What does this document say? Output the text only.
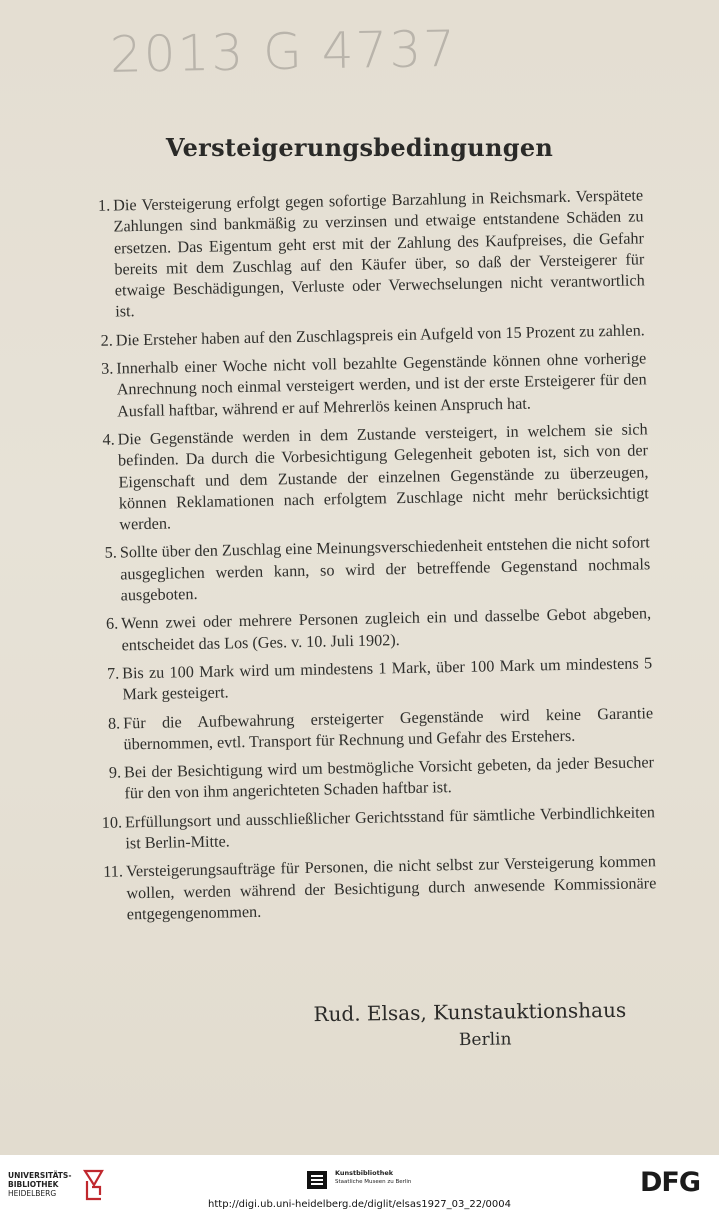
2013 G 4737
Versteigerungsbedingungen
1. Die Versteigerung erfolgt gegen sofortige Barzahlung in Reichsmark. Verspätete Zahlungen sind bankmäßig zu verzinsen und etwaige entstandene Schäden zu ersetzen. Das Eigentum geht erst mit der Zahlung des Kaufpreises, die Gefahr bereits mit dem Zuschlag auf den Käufer über, so daß der Versteigerer für etwaige Beschädigungen, Verluste oder Verwechselungen nicht verantwortlich ist.
2. Die Ersteher haben auf den Zuschlagspreis ein Aufgeld von 15 Prozent zu zahlen.
3. Innerhalb einer Woche nicht voll bezahlte Gegenstände können ohne vorherige Anrechnung noch einmal versteigert werden, und ist der erste Ersteigerer für den Ausfall haftbar, während er auf Mehrerlös keinen Anspruch hat.
4. Die Gegenstände werden in dem Zustande versteigert, in welchem sie sich befinden. Da durch die Vorbesichtigung Gelegenheit geboten ist, sich von der Eigenschaft und dem Zustande der einzelnen Gegenstände zu überzeugen, können Reklamationen nach erfolgtem Zuschlage nicht mehr berücksichtigt werden.
5. Sollte über den Zuschlag eine Meinungsverschiedenheit entstehen die nicht sofort ausgeglichen werden kann, so wird der betreffende Gegenstand nochmals ausgeboten.
6. Wenn zwei oder mehrere Personen zugleich ein und dasselbe Gebot abgeben, entscheidet das Los (Ges. v. 10. Juli 1902).
7. Bis zu 100 Mark wird um mindestens 1 Mark, über 100 Mark um mindestens 5 Mark gesteigert.
8. Für die Aufbewahrung ersteigerter Gegenstände wird keine Garantie übernommen, evtl. Transport für Rechnung und Gefahr des Erstehers.
9. Bei der Besichtigung wird um bestmögliche Vorsicht gebeten, da jeder Besucher für den von ihm angerichteten Schaden haftbar ist.
10. Erfüllungsort und ausschließlicher Gerichtsstand für sämtliche Verbindlichkeiten ist Berlin-Mitte.
11. Versteigerungsaufträge für Personen, die nicht selbst zur Versteigerung kommen wollen, werden während der Besichtigung durch anwesende Kommissionäre entgegengenommen.
Rud. Elsas, Kunstauktionshaus
Berlin
UNIVERSITÄTS-
BIBLIOTHEK
HEIDELBERG
Kunstbibliothek
Staatliche Museen zu Berlin	DFG
http://digi.ub.uni-heidelberg.de/diglit/elsas1927_03_22/0004
